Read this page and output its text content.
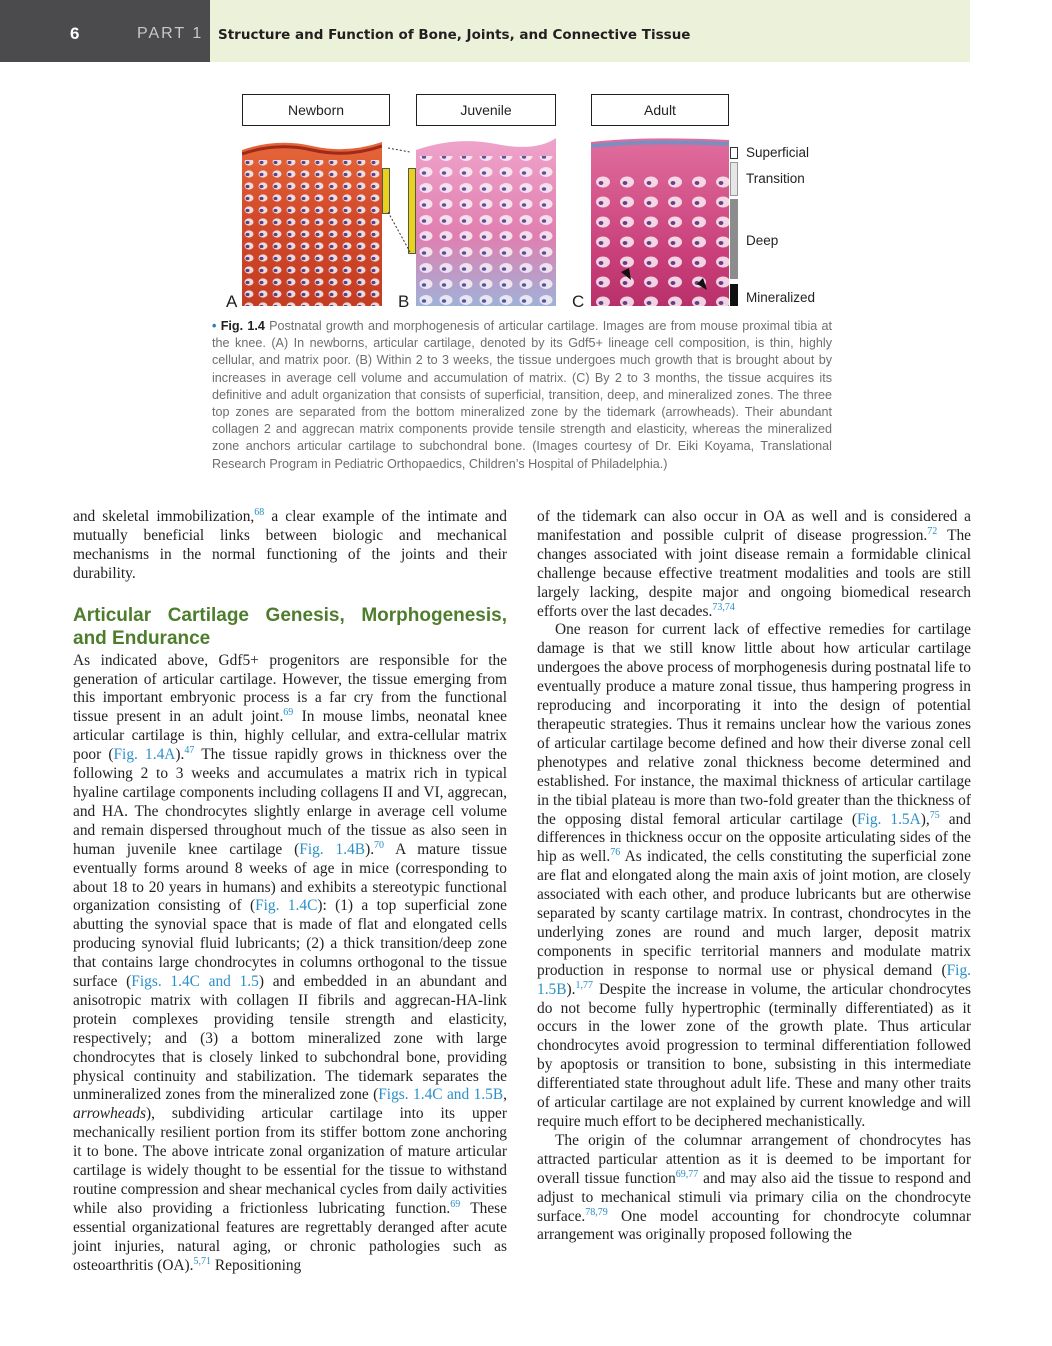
6	PART 1 Structure and Function of Bone, Joints, and Connective Tissue
Newborn	Juvenile	Adult
A	B	C
Superficial
Transition
Deep
Mineralized
• Fig. 1.4 Postnatal growth and morphogenesis of articular cartilage. Images are from mouse proximal tibia at the knee. (A) In newborns, articular cartilage, denoted by its Gdf5+ lineage cell composition, is thin, highly cellular, and matrix poor. (B) Within 2 to 3 weeks, the tissue undergoes much growth that is brought about by increases in average cell volume and accumulation of matrix. (C) By 2 to 3 months, the tissue acquires its definitive and adult organization that consists of superficial, transition, deep, and mineralized zones. The three top zones are separated from the bottom mineralized zone by the tidemark (arrowheads). Their abundant collagen 2 and aggrecan matrix components provide tensile strength and elasticity, whereas the mineralized zone anchors articular cartilage to subchondral bone. (Images courtesy of Dr. Eiki Koyama, Translational Research Program in Pediatric Orthopaedics, Children’s Hospital of Philadelphia.)

and skeletal immobilization,$^{68}$ a clear example of the intimate and mutually beneficial links between biologic and mechanical mechanisms in the normal functioning of the joints and their durability.

Articular Cartilage Genesis, Morphogenesis, and Endurance

As indicated above, Gdf5+ progenitors are responsible for the generation of articular cartilage. However, the tissue emerging from this important embryonic process is a far cry from the functional tissue present in an adult joint.$^{69}$ In mouse limbs, neonatal knee articular cartilage is thin, highly cellular, and extra-cellular matrix poor (Fig. 1.4A).$^{47}$ The tissue rapidly grows in thickness over the following 2 to 3 weeks and accumulates a matrix rich in typical hyaline cartilage components including collagens II and VI, aggrecan, and HA. The chondrocytes slightly enlarge in average cell volume and remain dispersed throughout much of the tissue as also seen in human juvenile knee cartilage (Fig. 1.4B).$^{70}$ A mature tissue eventually forms around 8 weeks of age in mice (corresponding to about 18 to 20 years in humans) and exhibits a stereotypic functional organization consisting of (Fig. 1.4C): (1) a top superficial zone abutting the synovial space that is made of flat and elongated cells producing synovial fluid lubricants; (2) a thick transition/deep zone that contains large chondrocytes in columns orthogonal to the tissue surface (Figs. 1.4C and 1.5) and embedded in an abundant and anisotropic matrix with collagen II fibrils and aggrecan-HA-link protein complexes providing tensile strength and elasticity, respectively; and (3) a bottom mineralized zone with large chondrocytes that is closely linked to subchondral bone, providing physical continuity and stabilization. The tidemark separates the unmineralized zones from the mineralized zone (Figs. 1.4C and 1.5B, arrowheads), subdividing articular cartilage into its upper mechanically resilient portion from its stiffer bottom zone anchoring it to bone. The above intricate zonal organization of mature articular cartilage is widely thought to be essential for the tissue to withstand routine compression and shear mechanical cycles from daily activities while also providing a frictionless lubricating function.$^{69}$ These essential organizational features are regrettably deranged after acute joint injuries, natural aging, or chronic pathologies such as osteoarthritis (OA).$^{5,71}$ Repositioning

of the tidemark can also occur in OA as well and is considered a manifestation and possible culprit of disease progression.$^{72}$ The changes associated with joint disease remain a formidable clinical challenge because effective treatment modalities and tools are still largely lacking, despite major and ongoing biomedical research efforts over the last decades.$^{73,74}$

One reason for current lack of effective remedies for cartilage damage is that we still know little about how articular cartilage undergoes the above process of morphogenesis during postnatal life to eventually produce a mature zonal tissue, thus hampering progress in reproducing and incorporating it into the design of potential therapeutic strategies. Thus it remains unclear how the various zones of articular cartilage become defined and how their diverse zonal cell phenotypes and relative zonal thickness become determined and established. For instance, the maximal thickness of articular cartilage in the tibial plateau is more than two-fold greater than the thickness of the opposing distal femoral articular cartilage (Fig. 1.5A),$^{75}$ and differences in thickness occur on the opposite articulating sides of the hip as well.$^{76}$ As indicated, the cells constituting the superficial zone are flat and elongated along the main axis of joint motion, are closely associated with each other, and produce lubricants but are otherwise separated by scanty cartilage matrix. In contrast, chondrocytes in the underlying zones are round and much larger, deposit matrix components in specific territorial manners and modulate matrix production in response to normal use or physical demand (Fig. 1.5B).$^{1,77}$ Despite the increase in volume, the articular chondrocytes do not become fully hypertrophic (terminally differentiated) as it occurs in the lower zone of the growth plate. Thus articular chondrocytes avoid progression to terminal differentiation followed by apoptosis or transition to bone, subsisting in this intermediate differentiated state throughout adult life. These and many other traits of articular cartilage are not explained by current knowledge and will require much effort to be deciphered mechanistically.

The origin of the columnar arrangement of chondrocytes has attracted particular attention as it is deemed to be important for overall tissue function$^{69,77}$ and may also aid the tissue to respond and adjust to mechanical stimuli via primary cilia on the chondrocyte surface.$^{78,79}$ One model accounting for chondrocyte columnar arrangement was originally proposed following the
